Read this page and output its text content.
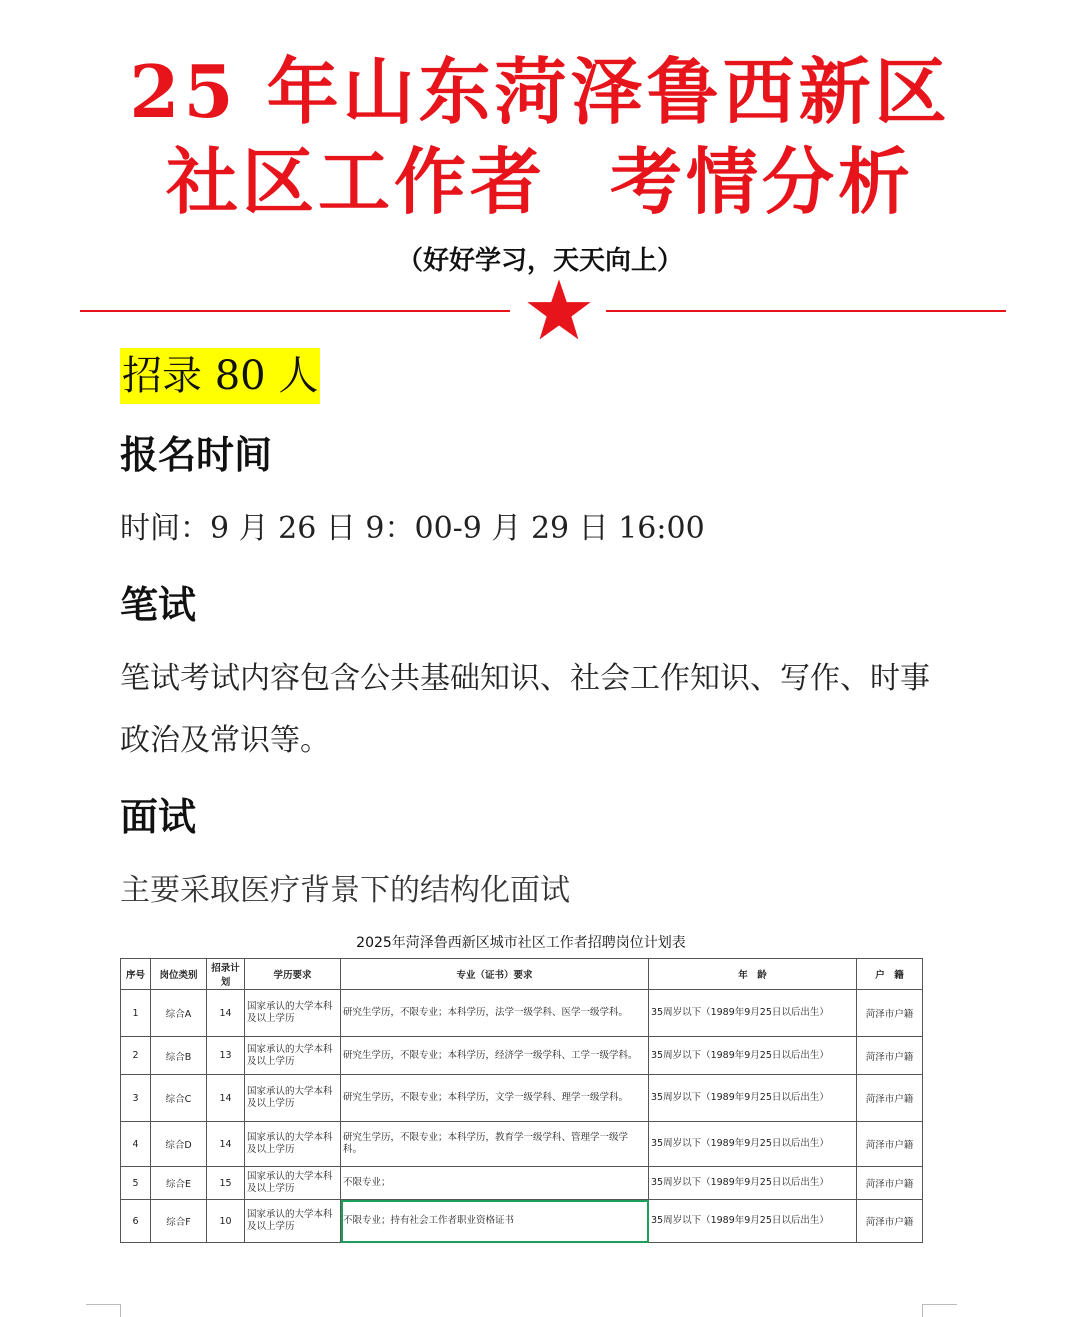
25 年山东菏泽鲁西新区
社区工作者 考情分析
（好好学习，天天向上）
招录 80 人
报名时间

时间：9 月 26 日 9：00-9 月 29 日 16:00

笔试

笔试考试内容包含公共基础知识、社会工作知识、写作、时事政治及常识等。

面试

主要采取医疗背景下的结构化面试

2025年菏泽鲁西新区城市社区工作者招聘岗位计划表
序号	岗位类别	招录计划	学历要求	专业（证书）要求	年　龄	户　籍
1	综合A	14	国家承认的大学本科及以上学历	研究生学历，不限专业；本科学历，法学一级学科、医学一级学科。	35周岁以下（1989年9月25日以后出生）	菏泽市户籍
2	综合B	13	国家承认的大学本科及以上学历	研究生学历，不限专业；本科学历，经济学一级学科、工学一级学科。	35周岁以下（1989年9月25日以后出生）	菏泽市户籍
3	综合C	14	国家承认的大学本科及以上学历	研究生学历，不限专业；本科学历，文学一级学科、理学一级学科。	35周岁以下（1989年9月25日以后出生）	菏泽市户籍
4	综合D	14	国家承认的大学本科及以上学历	研究生学历，不限专业；本科学历，教育学一级学科、管理学一级学科。	35周岁以下（1989年9月25日以后出生）	菏泽市户籍
5	综合E	15	国家承认的大学本科及以上学历	不限专业；	35周岁以下（1989年9月25日以后出生）	菏泽市户籍
6	综合F	10	国家承认的大学本科及以上学历	不限专业；持有社会工作者职业资格证书	35周岁以下（1989年9月25日以后出生）	菏泽市户籍
